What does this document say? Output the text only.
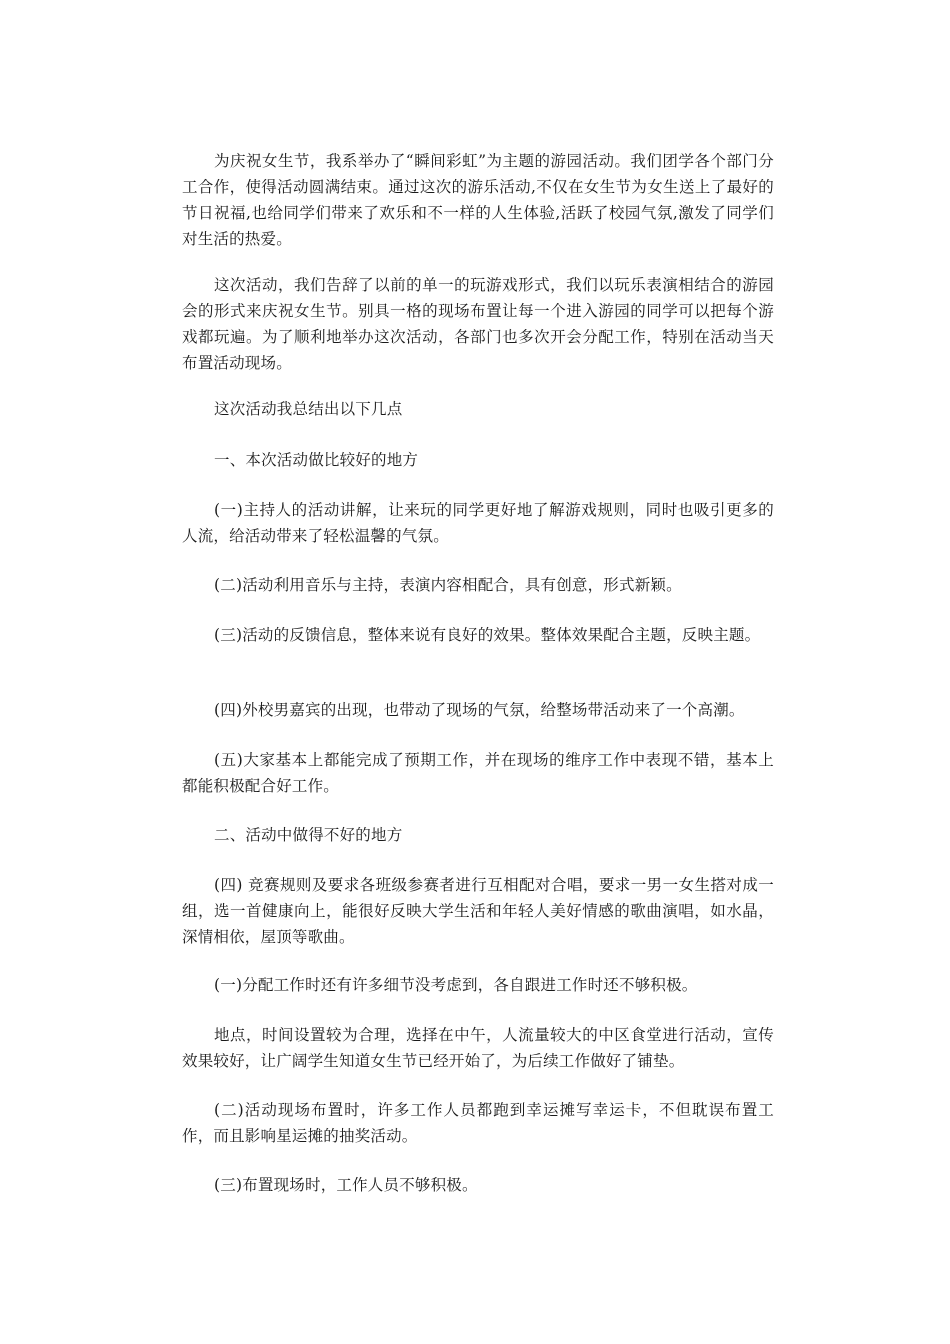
为庆祝女生节，我系举办了“瞬间彩虹”为主题的游园活动。我们团学各个部门分工合作，使得活动圆满结束。通过这次的游乐活动,不仅在女生节为女生送上了最好的节日祝福,也给同学们带来了欢乐和不一样的人生体验,活跃了校园气氛,激发了同学们对生活的热爱。

这次活动，我们告辞了以前的单一的玩游戏形式，我们以玩乐表演相结合的游园会的形式来庆祝女生节。别具一格的现场布置让每一个进入游园的同学可以把每个游戏都玩遍。为了顺利地举办这次活动，各部门也多次开会分配工作，特别在活动当天布置活动现场。

这次活动我总结出以下几点

一、本次活动做比较好的地方

(一)主持人的活动讲解，让来玩的同学更好地了解游戏规则，同时也吸引更多的人流，给活动带来了轻松温馨的气氛。

(二)活动利用音乐与主持，表演内容相配合，具有创意，形式新颖。

(三)活动的反馈信息，整体来说有良好的效果。整体效果配合主题，反映主题。

(四)外校男嘉宾的出现，也带动了现场的气氛，给整场带活动来了一个高潮。

(五)大家基本上都能完成了预期工作，并在现场的维序工作中表现不错，基本上都能积极配合好工作。

二、活动中做得不好的地方

(四) 竞赛规则及要求各班级参赛者进行互相配对合唱，要求一男一女生搭对成一组，选一首健康向上，能很好反映大学生活和年轻人美好情感的歌曲演唱，如水晶，深情相依，屋顶等歌曲。

(一)分配工作时还有许多细节没考虑到，各自跟进工作时还不够积极。

地点，时间设置较为合理，选择在中午，人流量较大的中区食堂进行活动，宣传效果较好，让广阔学生知道女生节已经开始了，为后续工作做好了铺垫。

(二)活动现场布置时，许多工作人员都跑到幸运摊写幸运卡，不但耽误布置工作，而且影响星运摊的抽奖活动。

(三)布置现场时，工作人员不够积极。
